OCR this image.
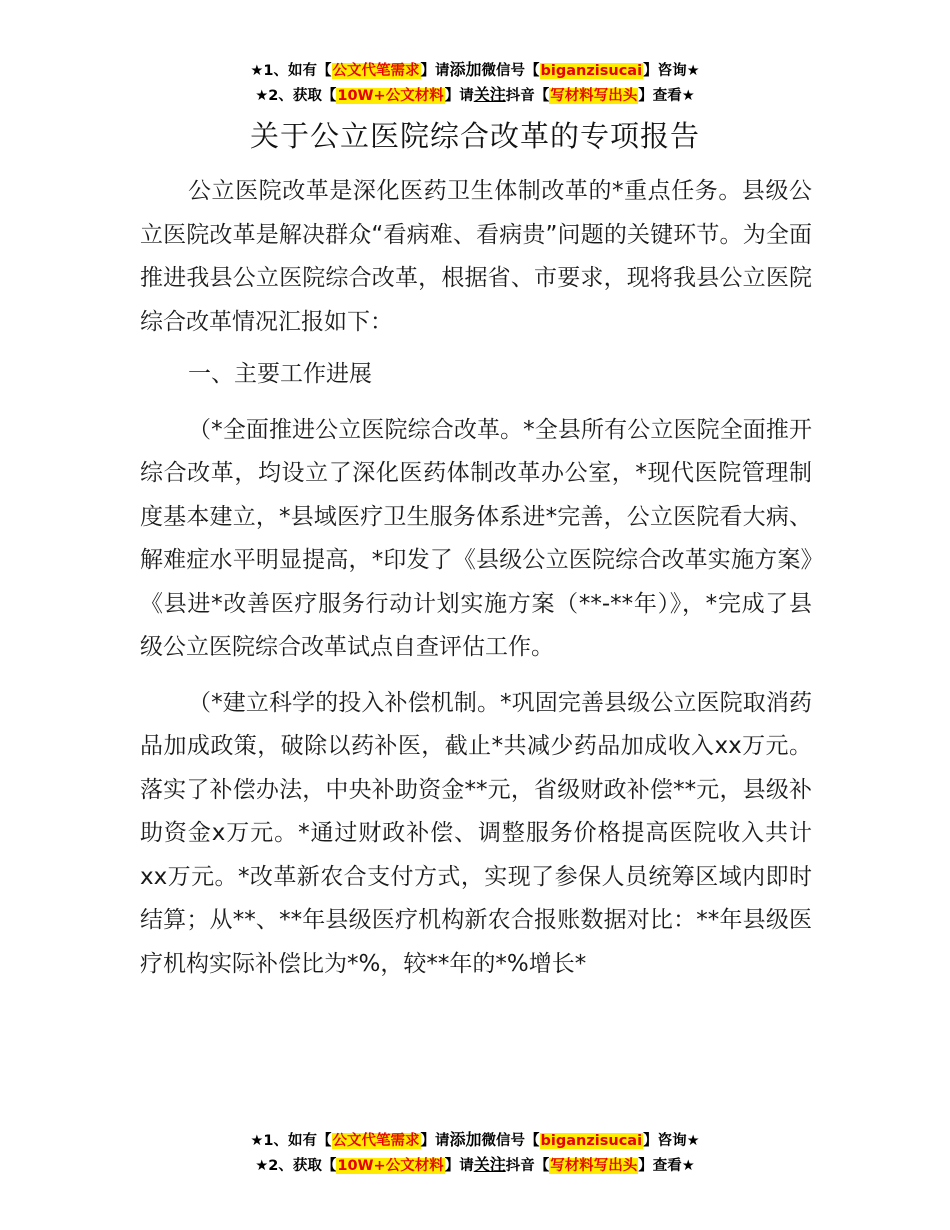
★1、如有【公文代笔需求】请添加微信号【biganzisucai】咨询★
★2、获取【10W+公文材料】请关注抖音【写材料写出头】查看★
关于公立医院综合改革的专项报告

公立医院改革是深化医药卫生体制改革的*重点任务。县级公立医院改革是解决群众“看病难、看病贵”问题的关键环节。为全面推进我县公立医院综合改革，根据省、市要求，现将我县公立医院综合改革情况汇报如下：

一、主要工作进展

（*全面推进公立医院综合改革。*全县所有公立医院全面推开综合改革，均设立了深化医药体制改革办公室，*现代医院管理制度基本建立，*县域医疗卫生服务体系进*完善，公立医院看大病、解难症水平明显提高，*印发了《县级公立医院综合改革实施方案》《县进*改善医疗服务行动计划实施方案（**-**年）》，*完成了县级公立医院综合改革试点自查评估工作。

（*建立科学的投入补偿机制。*巩固完善县级公立医院取消药品加成政策，破除以药补医，截止*共减少药品加成收入xx万元。落实了补偿办法，中央补助资金**元，省级财政补偿**元，县级补助资金x万元。*通过财政补偿、调整服务价格提高医院收入共计xx万元。*改革新农合支付方式，实现了参保人员统筹区域内即时结算；从**、**年县级医疗机构新农合报账数据对比：**年县级医疗机构实际补偿比为*%，较**年的*%增长*

★1、如有【公文代笔需求】请添加微信号【biganzisucai】咨询★
★2、获取【10W+公文材料】请关注抖音【写材料写出头】查看★
